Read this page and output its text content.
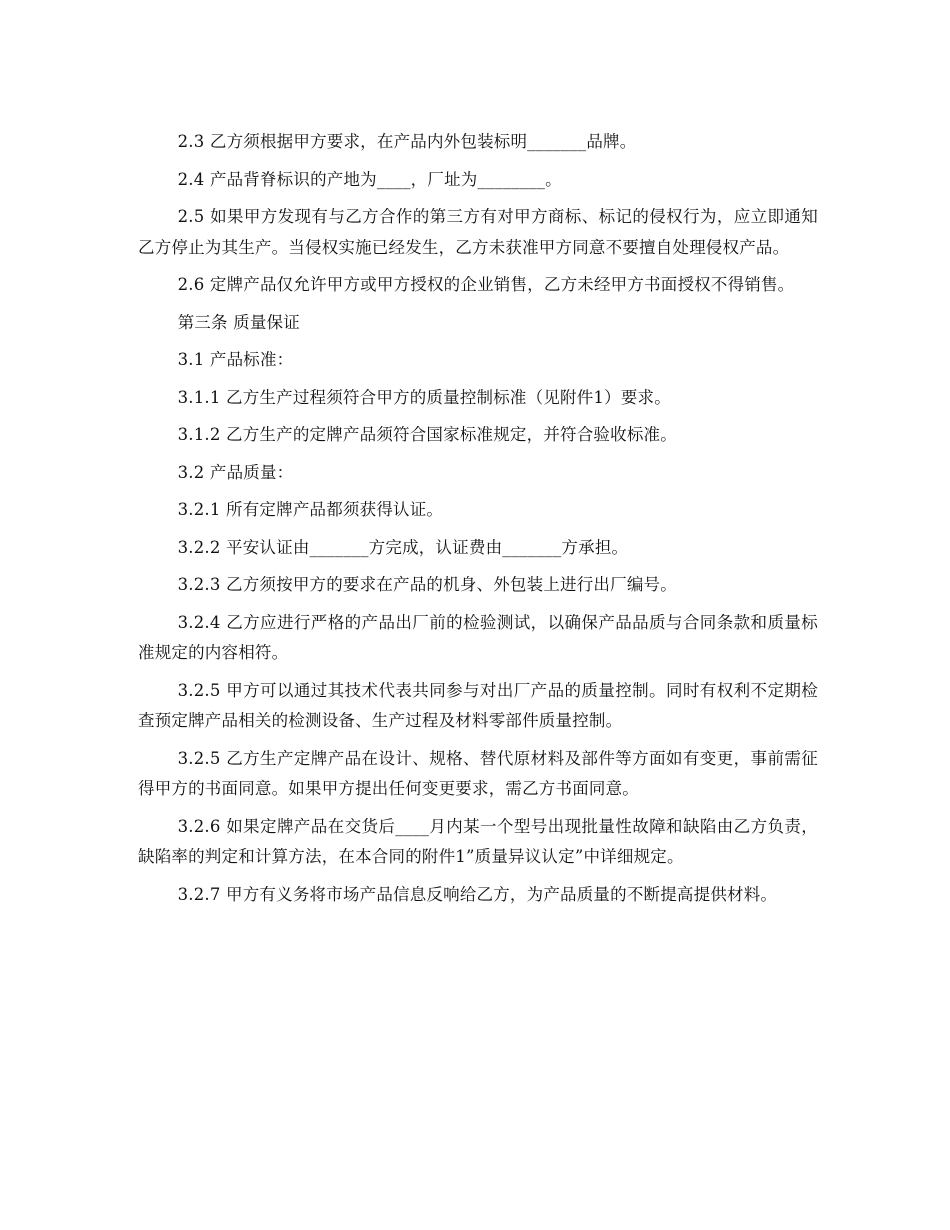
2.3 乙方须根据甲方要求，在产品内外包装标明_______品牌。

2.4 产品背脊标识的产地为____，厂址为________。

2.5 如果甲方发现有与乙方合作的第三方有对甲方商标、标记的侵权行为，应立即通知乙方停止为其生产。当侵权实施已经发生，乙方未获准甲方同意不要擅自处理侵权产品。

2.6 定牌产品仅允许甲方或甲方授权的企业销售，乙方未经甲方书面授权不得销售。

第三条 质量保证

3.1 产品标准：

3.1.1 乙方生产过程须符合甲方的质量控制标准（见附件1）要求。

3.1.2 乙方生产的定牌产品须符合国家标准规定，并符合验收标准。

3.2 产品质量：

3.2.1 所有定牌产品都须获得认证。

3.2.2 平安认证由_______方完成，认证费由_______方承担。

3.2.3 乙方须按甲方的要求在产品的机身、外包装上进行出厂编号。

3.2.4 乙方应进行严格的产品出厂前的检验测试，以确保产品品质与合同条款和质量标准规定的内容相符。

3.2.5 甲方可以通过其技术代表共同参与对出厂产品的质量控制。同时有权利不定期检查预定牌产品相关的检测设备、生产过程及材料零部件质量控制。

3.2.5 乙方生产定牌产品在设计、规格、替代原材料及部件等方面如有变更，事前需征得甲方的书面同意。如果甲方提出任何变更要求，需乙方书面同意。

3.2.6 如果定牌产品在交货后____月内某一个型号出现批量性故障和缺陷由乙方负责，缺陷率的判定和计算方法，在本合同的附件1”质量异议认定”中详细规定。

3.2.7 甲方有义务将市场产品信息反响给乙方，为产品质量的不断提高提供材料。
